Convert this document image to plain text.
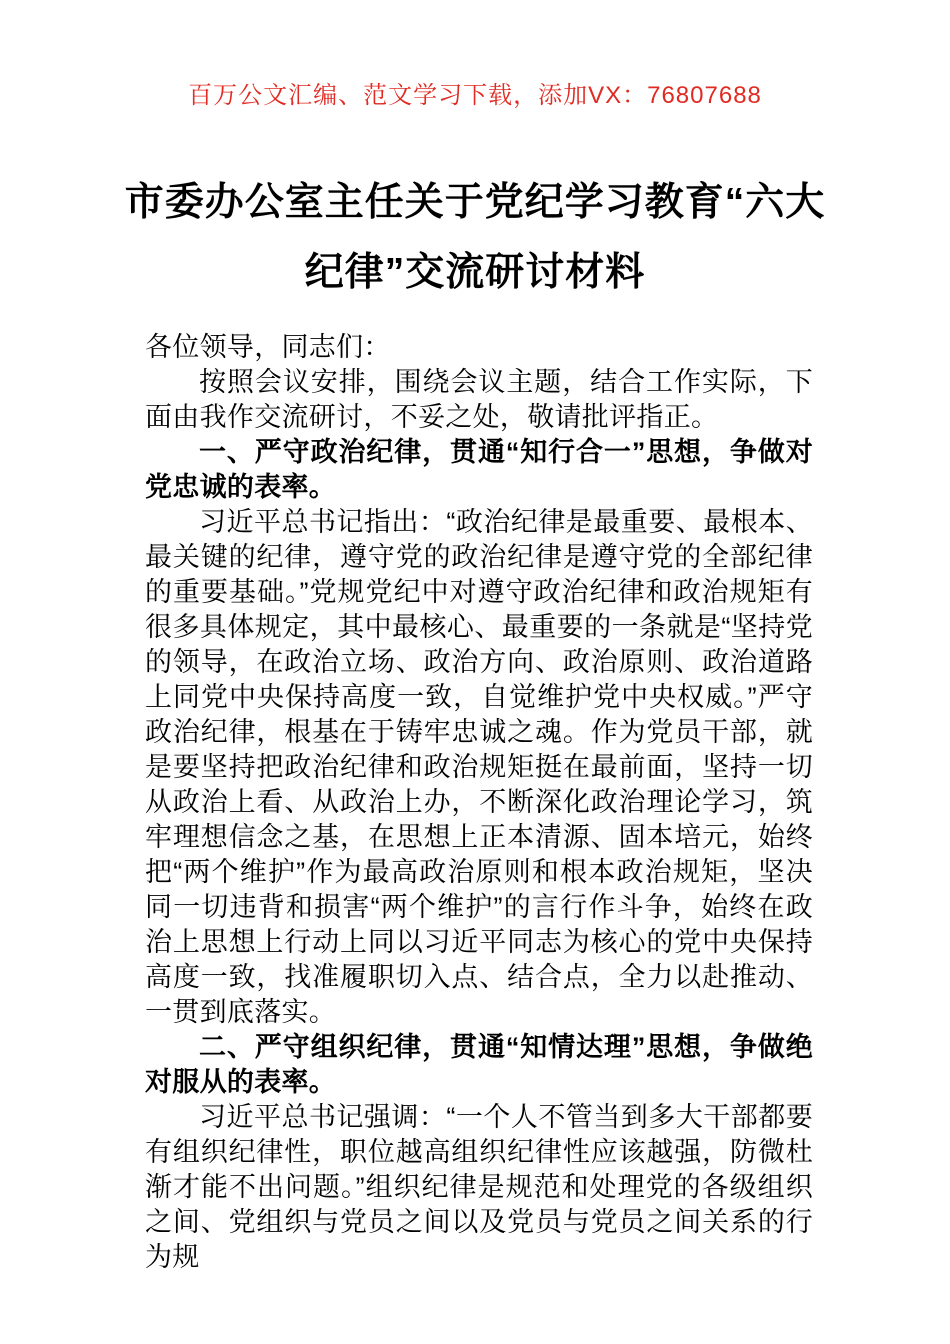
百万公文汇编、范文学习下载，添加VX：76807688
市委办公室主任关于党纪学习教育“六大
纪律”交流研讨材料

各位领导，同志们：

按照会议安排，围绕会议主题，结合工作实际，下面由我作交流研讨，不妥之处，敬请批评指正。

一、严守政治纪律，贯通“知行合一”思想，争做对党忠诚的表率。

习近平总书记指出：“政治纪律是最重要、最根本、最关键的纪律，遵守党的政治纪律是遵守党的全部纪律的重要基础。”党规党纪中对遵守政治纪律和政治规矩有很多具体规定，其中最核心、最重要的一条就是“坚持党的领导，在政治立场、政治方向、政治原则、政治道路上同党中央保持高度一致，自觉维护党中央权威。”严守政治纪律，根基在于铸牢忠诚之魂。作为党员干部，就是要坚持把政治纪律和政治规矩挺在最前面，坚持一切从政治上看、从政治上办，不断深化政治理论学习，筑牢理想信念之基，在思想上正本清源、固本培元，始终把“两个维护”作为最高政治原则和根本政治规矩，坚决同一切违背和损害“两个维护”的言行作斗争，始终在政治上思想上行动上同以习近平同志为核心的党中央保持高度一致，找准履职切入点、结合点，全力以赴推动、一贯到底落实。

二、严守组织纪律，贯通“知情达理”思想，争做绝对服从的表率。

习近平总书记强调：“一个人不管当到多大干部都要有组织纪律性，职位越高组织纪律性应该越强，防微杜渐才能不出问题。”组织纪律是规范和处理党的各级组织之间、党组织与党员之间以及党员与党员之间关系的行为规
